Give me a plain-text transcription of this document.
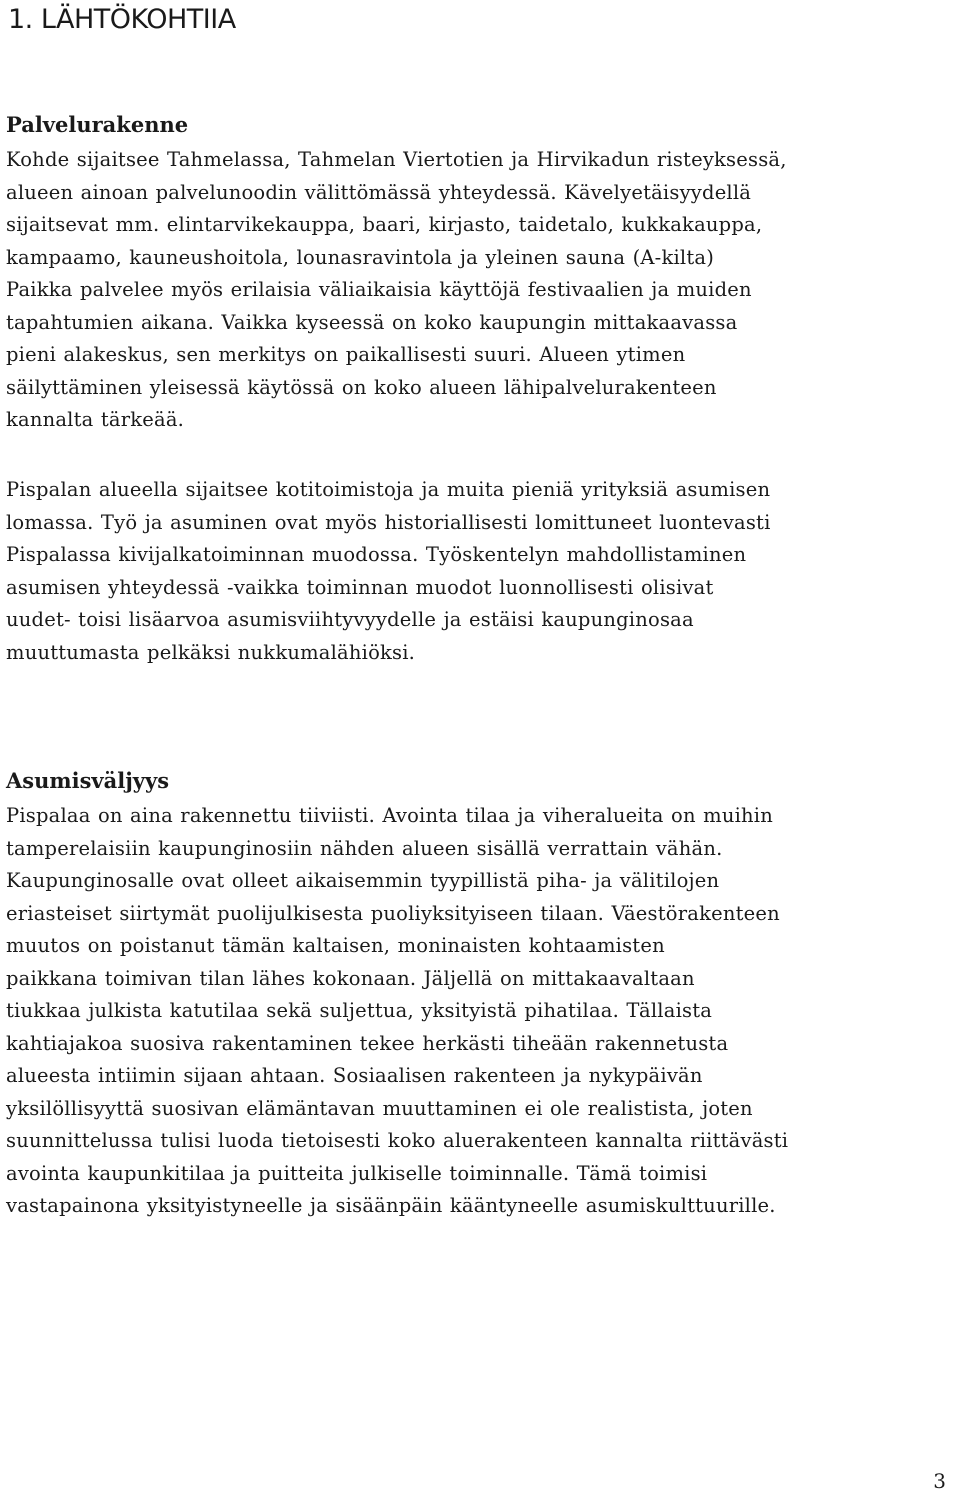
1. LÄHTÖKOHTIIA
Palvelurakenne
Kohde sijaitsee Tahmelassa, Tahmelan Viertotien ja Hirvikadun risteyksessä,
alueen ainoan palvelunoodin välittömässä yhteydessä. Kävelyetäisyydellä
sijaitsevat mm. elintarvikekauppa, baari, kirjasto, taidetalo, kukkakauppa,
kampaamo, kauneushoitola, lounasravintola ja yleinen sauna (A-kilta)
Paikka palvelee myös erilaisia väliaikaisia käyttöjä festivaalien ja muiden
tapahtumien aikana. Vaikka kyseessä on koko kaupungin mittakaavassa
pieni alakeskus, sen merkitys on paikallisesti suuri. Alueen ytimen
säilyttäminen yleisessä käytössä on koko alueen lähipalvelurakenteen
kannalta tärkeää.
Pispalan alueella sijaitsee kotitoimistoja ja muita pieniä yrityksiä asumisen
lomassa. Työ ja asuminen ovat myös historiallisesti lomittuneet luontevasti
Pispalassa kivijalkatoiminnan muodossa. Työskentelyn mahdollistaminen
asumisen yhteydessä -vaikka toiminnan muodot luonnollisesti olisivat
uudet- toisi lisäarvoa asumisviihtyvyydelle ja estäisi kaupunginosaa
muuttumasta pelkäksi nukkumalähiöksi.
Asumisväljyys
Pispalaa on aina rakennettu tiiviisti. Avointa tilaa ja viheralueita on muihin
tamperelaisiin kaupunginosiin nähden alueen sisällä verrattain vähän.
Kaupunginosalle ovat olleet aikaisemmin tyypillistä piha- ja välitilojen
eriasteiset siirtymät puolijulkisesta puoliyksityiseen tilaan. Väestörakenteen
muutos on poistanut tämän kaltaisen, moninaisten kohtaamisten
paikkana toimivan tilan lähes kokonaan. Jäljellä on mittakaavaltaan
tiukkaa julkista katutilaa sekä suljettua, yksityistä pihatilaa. Tällaista
kahtiajakoa suosiva rakentaminen tekee herkästi tiheään rakennetusta
alueesta intiimin sijaan ahtaan. Sosiaalisen rakenteen ja nykypäivän
yksilöllisyyttä suosivan elämäntavan muuttaminen ei ole realistista, joten
suunnittelussa tulisi luoda tietoisesti koko aluerakenteen kannalta riittävästi
avointa kaupunkitilaa ja puitteita julkiselle toiminnalle. Tämä toimisi
vastapainona yksityistyneelle ja sisäänpäin kääntyneelle asumiskulttuurille.
3
